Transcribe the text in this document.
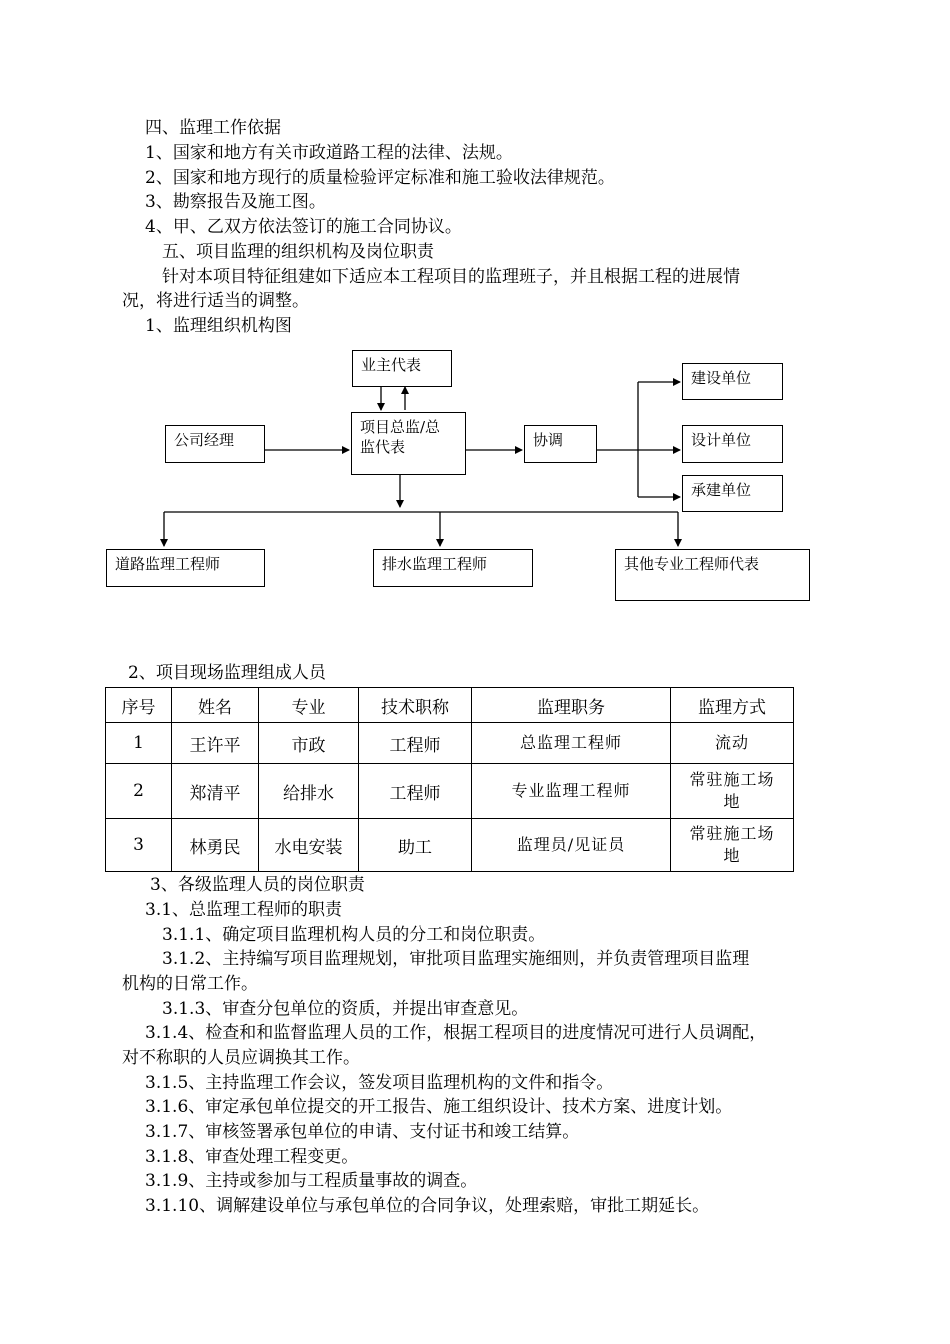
四、监理工作依据
1、国家和地方有关市政道路工程的法律、法规。
2、国家和地方现行的质量检验评定标准和施工验收法律规范。
3、勘察报告及施工图。
4、甲、乙双方依法签订的施工合同协议。
五、项目监理的组织机构及岗位职责
针对本项目特征组建如下适应本工程项目的监理班子，并且根据工程的进展情
况，将进行适当的调整。
1、监理组织机构图
业主代表
公司经理
项目总监/总
监代表	协调
建设单位
设计单位
承建单位
道路监理工程师	排水监理工程师	其他专业工程师代表
2、项目现场监理组成人员
序号	姓名	专业	技术职称	监理职务	监理方式
1	王许平	市政	工程师	总监理工程师	流动
2	郑清平	给排水	工程师	专业监理工程师	常驻施工场地
3	林勇民	水电安装	助工	监理员/见证员	常驻施工场地
3、各级监理人员的岗位职责
3.1、总监理工程师的职责
3.1.1、确定项目监理机构人员的分工和岗位职责。
3.1.2、主持编写项目监理规划，审批项目监理实施细则，并负责管理项目监理
机构的日常工作。
3.1.3、审查分包单位的资质，并提出审查意见。
3.1.4、检查和和监督监理人员的工作，根据工程项目的进度情况可进行人员调配，
对不称职的人员应调换其工作。
3.1.5、主持监理工作会议，签发项目监理机构的文件和指令。
3.1.6、审定承包单位提交的开工报告、施工组织设计、技术方案、进度计划。
3.1.7、审核签署承包单位的申请、支付证书和竣工结算。
3.1.8、审查处理工程变更。
3.1.9、主持或参加与工程质量事故的调查。
3.1.10、调解建设单位与承包单位的合同争议，处理索赔，审批工期延长。
